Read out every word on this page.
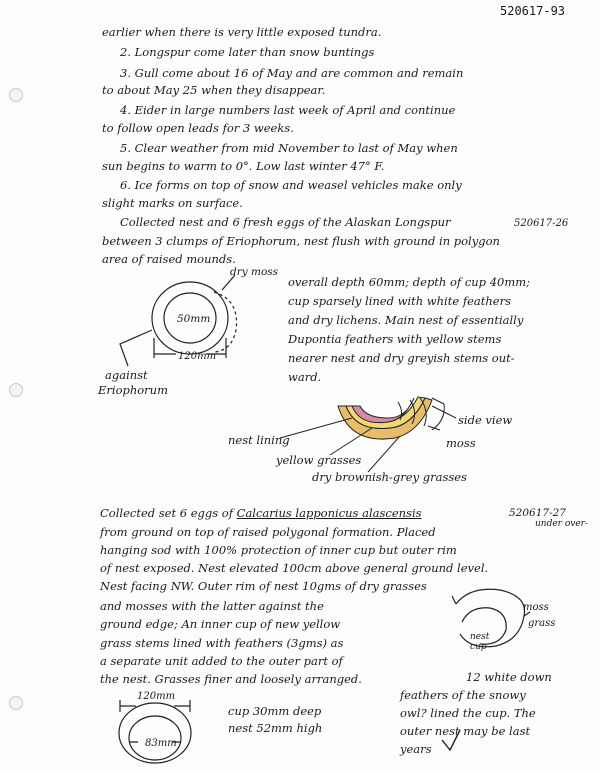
520617-93
earlier when there is very little exposed tundra.
2. Longspur come later than snow buntings
3. Gull come about 16 of May and are common and remain
to about May 25 when they disappear.
4. Eider in large numbers last week of April and continue
to follow open leads for 3 weeks.
5. Clear weather from mid November to last of May when
sun begins to warm to 0°. Low last winter 47° F.
6. Ice forms on top of snow and weasel vehicles make only
slight marks on surface.
Collected nest and 6 fresh eggs of the Alaskan Longspur	520617-26
between 3 clumps of Eriophorum, nest flush with ground in polygon
area of raised mounds.
dry moss
50mm
120mm
against
Eriophorum
overall depth 60mm; depth of cup 40mm;
cup sparsely lined with white feathers
and dry lichens. Main nest of essentially
Dupontia feathers with yellow stems
nearer nest and dry greyish stems out-
ward.
side view
moss
nest lining
yellow grasses
dry brownish-grey grasses
Collected set 6 eggs of Calcarius lapponicus alascensis	520617-27
under over-
from ground on top of raised polygonal formation. Placed
hanging sod with 100% protection of inner cup but outer rim
of nest exposed. Nest elevated 100cm above general ground level.
Nest facing NW. Outer rim of nest 10gms of dry grasses
and mosses with the latter against the
ground edge; An inner cup of new yellow
grass stems lined with feathers (3gms) as
a separate unit added to the outer part of
the nest. Grasses finer and loosely arranged.
moss
grass
nest cup
12 white down
feathers of the snowy
owl? lined the cup. The
outer nest may be last
years
120mm
83mm
cup 30mm deep
nest 52mm high
